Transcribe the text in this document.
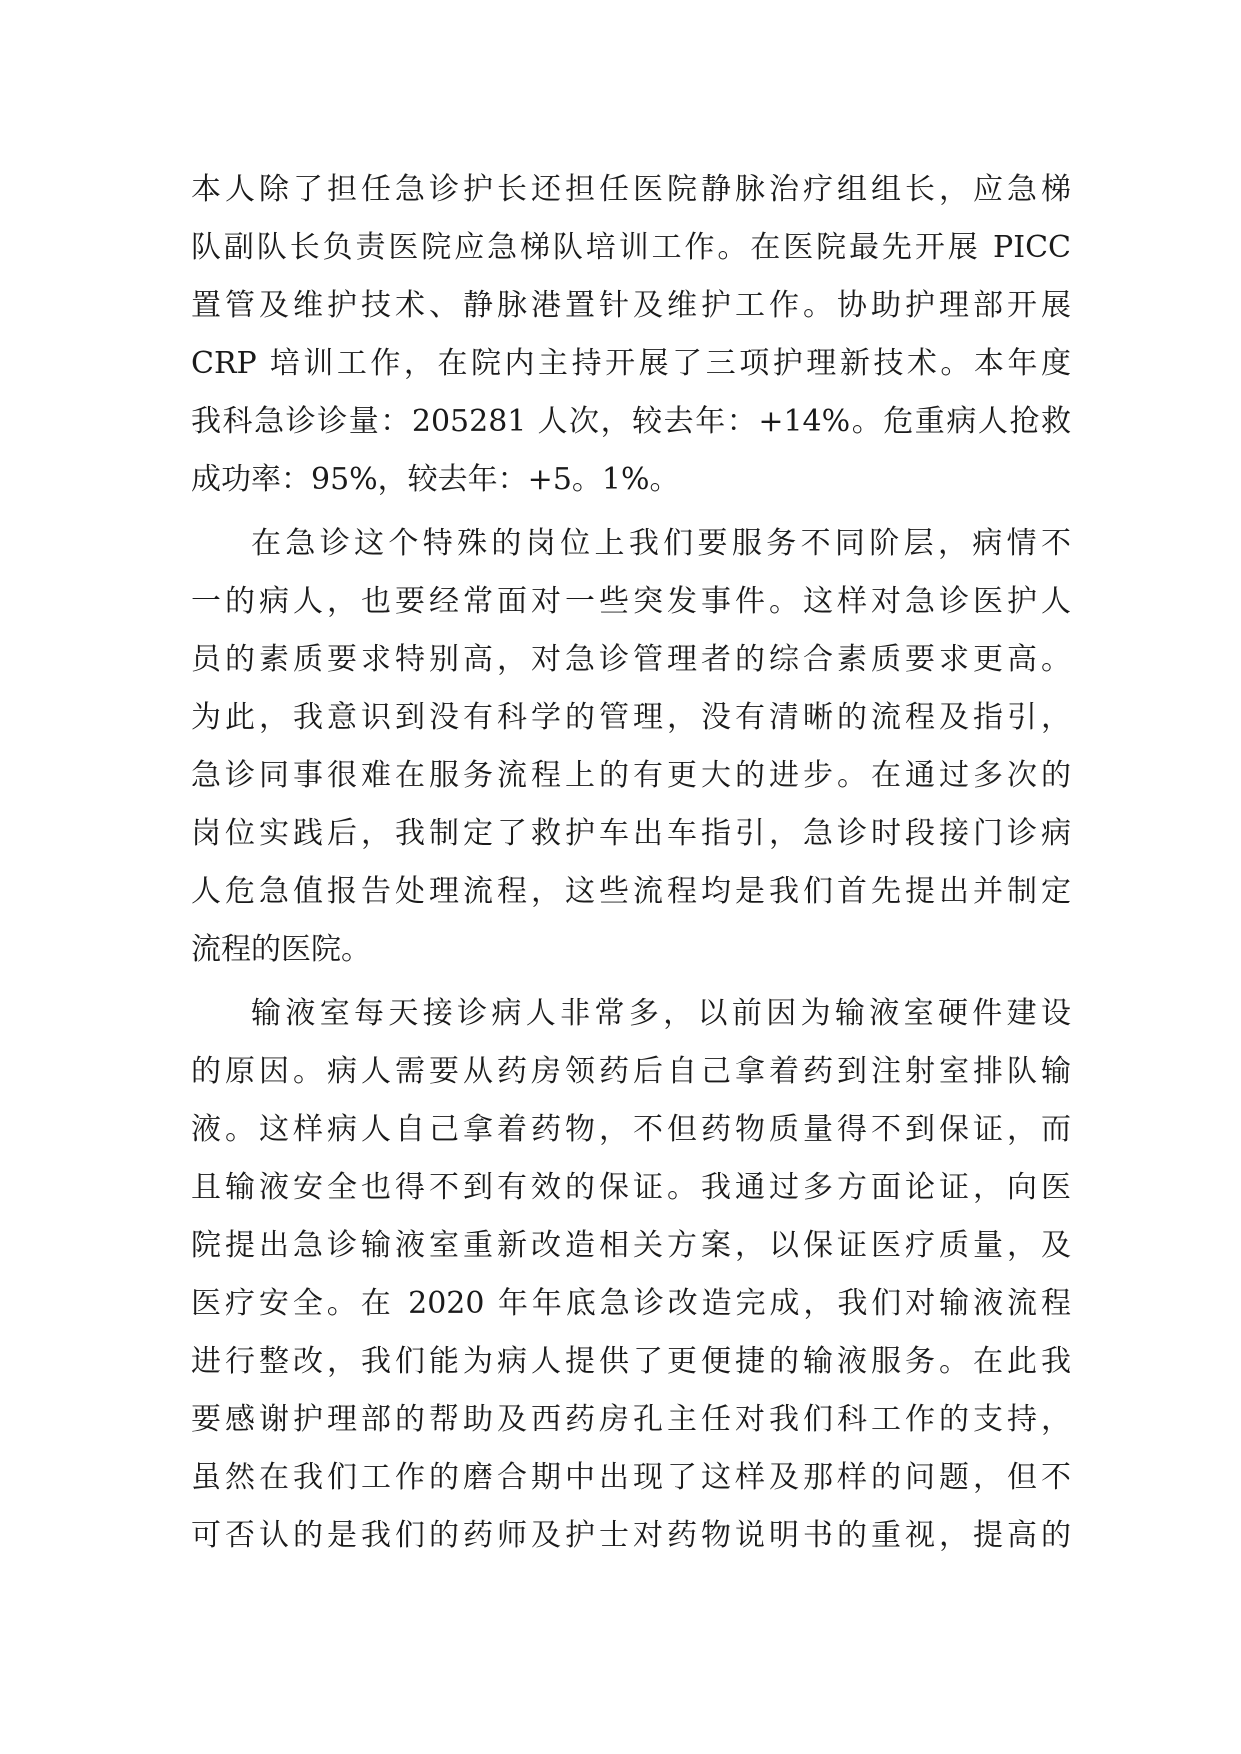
本人除了担任急诊护长还担任医院静脉治疗组组长，应急梯
队副队长负责医院应急梯队培训工作。在医院最先开展 PICC
置管及维护技术、静脉港置针及维护工作。协助护理部开展
CRP 培训工作，在院内主持开展了三项护理新技术。本年度
我科急诊诊量：205281 人次，较去年：+14%。危重病人抢救
成功率：95%，较去年：+5。1%。
在急诊这个特殊的岗位上我们要服务不同阶层，病情不
一的病人，也要经常面对一些突发事件。这样对急诊医护人
员的素质要求特别高，对急诊管理者的综合素质要求更高。
为此，我意识到没有科学的管理，没有清晰的流程及指引，
急诊同事很难在服务流程上的有更大的进步。在通过多次的
岗位实践后，我制定了救护车出车指引，急诊时段接门诊病
人危急值报告处理流程，这些流程均是我们首先提出并制定
流程的医院。
输液室每天接诊病人非常多，以前因为输液室硬件建设
的原因。病人需要从药房领药后自己拿着药到注射室排队输
液。这样病人自己拿着药物，不但药物质量得不到保证，而
且输液安全也得不到有效的保证。我通过多方面论证，向医
院提出急诊输液室重新改造相关方案，以保证医疗质量，及
医疗安全。在 2020 年年底急诊改造完成，我们对输液流程
进行整改，我们能为病人提供了更便捷的输液服务。在此我
要感谢护理部的帮助及西药房孔主任对我们科工作的支持，
虽然在我们工作的磨合期中出现了这样及那样的问题，但不
可否认的是我们的药师及护士对药物说明书的重视，提高的
